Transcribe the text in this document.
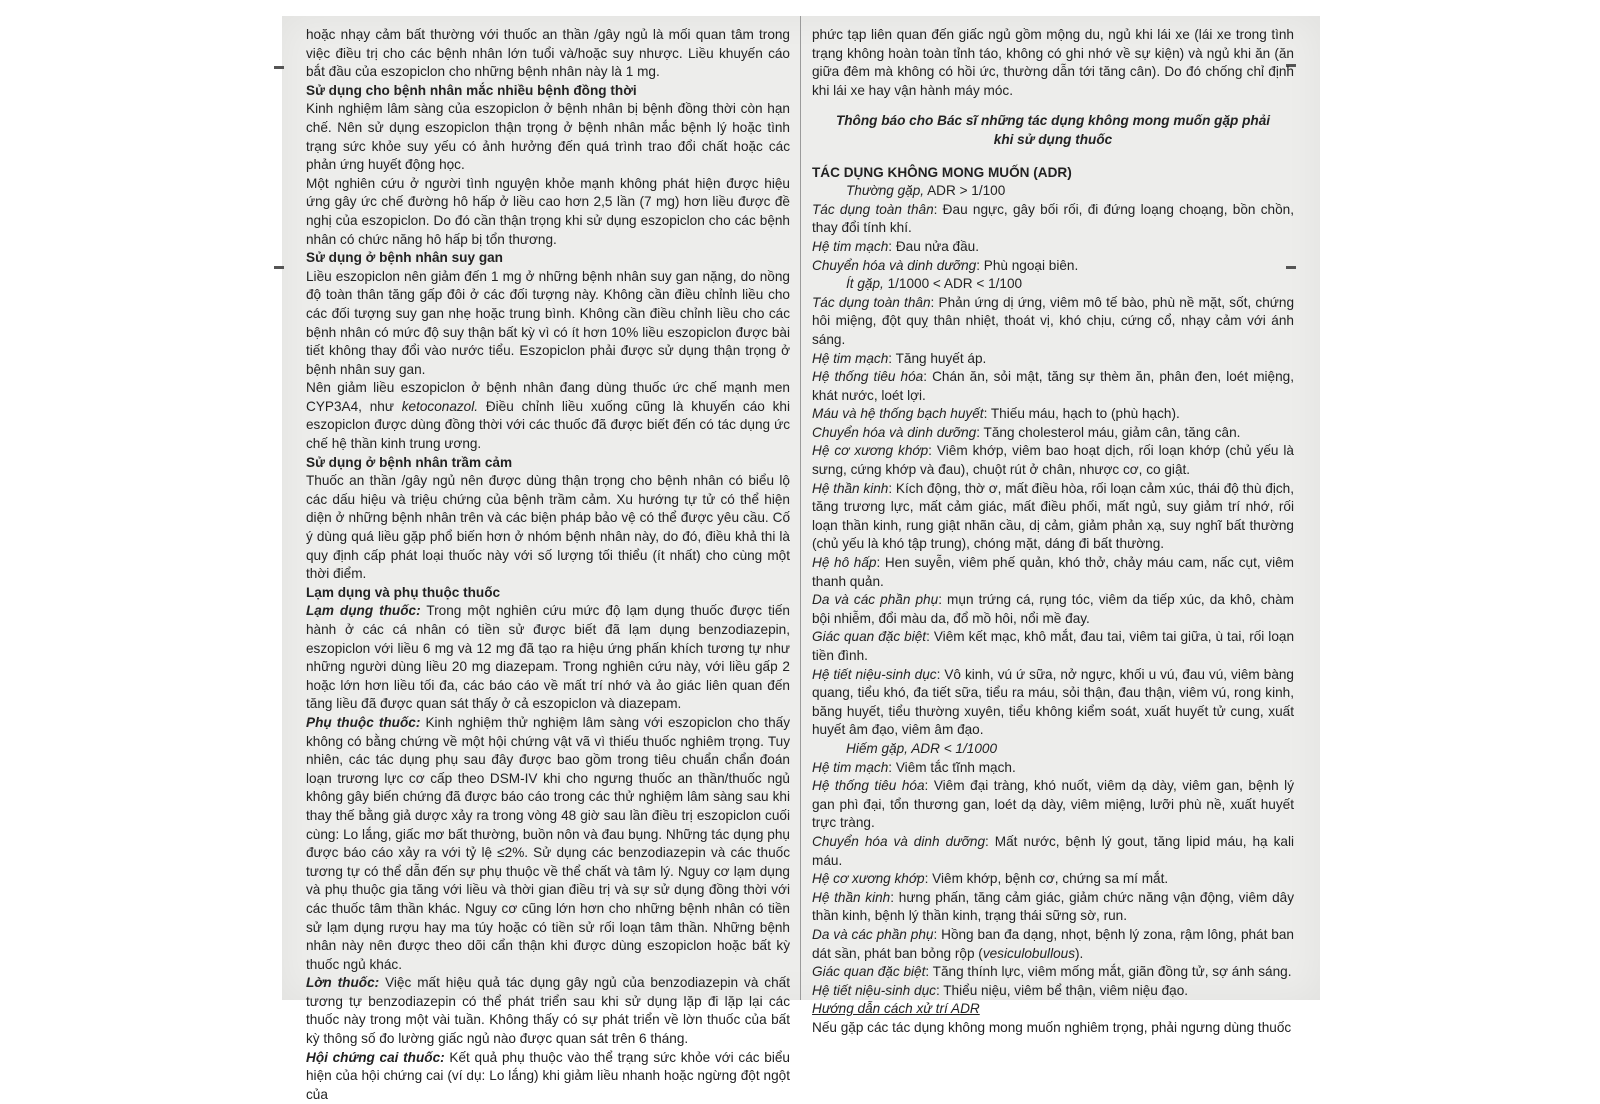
hoặc nhạy cảm bất thường với thuốc an thần /gây ngủ là mối quan tâm trong việc điều trị cho các bệnh nhân lớn tuổi và/hoặc suy nhược. Liều khuyến cáo bắt đầu của eszopiclon cho những bệnh nhân này là 1 mg.

Sử dụng cho bệnh nhân mắc nhiều bệnh đồng thời

Kinh nghiệm lâm sàng của eszopiclon ở bệnh nhân bị bệnh đồng thời còn hạn chế. Nên sử dụng eszopiclon thận trọng ở bệnh nhân mắc bệnh lý hoặc tình trạng sức khỏe suy yếu có ảnh hưởng đến quá trình trao đổi chất hoặc các phản ứng huyết động học.

Một nghiên cứu ở người tình nguyện khỏe mạnh không phát hiện được hiệu ứng gây ức chế đường hô hấp ở liều cao hơn 2,5 lần (7 mg) hơn liều được đề nghị của eszopiclon. Do đó cần thận trọng khi sử dụng eszopiclon cho các bệnh nhân có chức năng hô hấp bị tổn thương.

Sử dụng ở bệnh nhân suy gan

Liều eszopiclon nên giảm đến 1 mg ở những bệnh nhân suy gan nặng, do nồng độ toàn thân tăng gấp đôi ở các đối tượng này. Không cần điều chỉnh liều cho các đối tượng suy gan nhẹ hoặc trung bình. Không cần điều chỉnh liều cho các bệnh nhân có mức độ suy thận bất kỳ vì có ít hơn 10% liều eszopiclon được bài tiết không thay đổi vào nước tiểu. Eszopiclon phải được sử dụng thận trọng ở bệnh nhân suy gan.

Nên giảm liều eszopiclon ở bệnh nhân đang dùng thuốc ức chế mạnh men CYP3A4, như ketoconazol. Điều chỉnh liều xuống cũng là khuyến cáo khi eszopiclon được dùng đồng thời với các thuốc đã được biết đến có tác dụng ức chế hệ thần kinh trung ương.

Sử dụng ở bệnh nhân trầm cảm

Thuốc an thần /gây ngủ nên được dùng thận trọng cho bệnh nhân có biểu lộ các dấu hiệu và triệu chứng của bệnh trầm cảm. Xu hướng tự tử có thể hiện diện ở những bệnh nhân trên và các biện pháp bảo vệ có thể được yêu cầu. Cố ý dùng quá liều gặp phổ biến hơn ở nhóm bệnh nhân này, do đó, điều khả thi là quy định cấp phát loại thuốc này với số lượng tối thiểu (ít nhất) cho cùng một thời điểm.

Lạm dụng và phụ thuộc thuốc

Lạm dụng thuốc: Trong một nghiên cứu mức độ lạm dụng thuốc được tiến hành ở các cá nhân có tiền sử được biết đã lạm dụng benzodiazepin, eszopiclon với liều 6 mg và 12 mg đã tạo ra hiệu ứng phấn khích tương tự như những người dùng liều 20 mg diazepam. Trong nghiên cứu này, với liều gấp 2 hoặc lớn hơn liều tối đa, các báo cáo về mất trí nhớ và ảo giác liên quan đến tăng liều đã được quan sát thấy ở cả eszopiclon và diazepam.

Phụ thuộc thuốc: Kinh nghiệm thử nghiệm lâm sàng với eszopiclon cho thấy không có bằng chứng về một hội chứng vật vã vì thiếu thuốc nghiêm trọng. Tuy nhiên, các tác dụng phụ sau đây được bao gồm trong tiêu chuẩn chẩn đoán loạn trương lực cơ cấp theo DSM-IV khi cho ngưng thuốc an thần/thuốc ngủ không gây biến chứng đã được báo cáo trong các thử nghiệm lâm sàng sau khi thay thế bằng giả dược xảy ra trong vòng 48 giờ sau lần điều trị eszopiclon cuối cùng: Lo lắng, giấc mơ bất thường, buồn nôn và đau bụng. Những tác dụng phụ được báo cáo xảy ra với tỷ lệ ≤2%. Sử dụng các benzodiazepin và các thuốc tương tự có thể dẫn đến sự phụ thuộc về thể chất và tâm lý. Nguy cơ lạm dụng và phụ thuộc gia tăng với liều và thời gian điều trị và sự sử dụng đồng thời với các thuốc tâm thần khác. Nguy cơ cũng lớn hơn cho những bệnh nhân có tiền sử lạm dụng rượu hay ma túy hoặc có tiền sử rối loạn tâm thần. Những bệnh nhân này nên được theo dõi cẩn thận khi được dùng eszopiclon hoặc bất kỳ thuốc ngủ khác.

Lờn thuốc: Việc mất hiệu quả tác dụng gây ngủ của benzodiazepin và chất tương tự benzodiazepin có thể phát triển sau khi sử dụng lặp đi lặp lại các thuốc này trong một vài tuần. Không thấy có sự phát triển về lờn thuốc của bất kỳ thông số đo lường giấc ngủ nào được quan sát trên 6 tháng.

Hội chứng cai thuốc: Kết quả phụ thuộc vào thể trạng sức khỏe với các biểu hiện của hội chứng cai (ví dụ: Lo lắng) khi giảm liều nhanh hoặc ngừng đột ngột của

phức tạp liên quan đến giấc ngủ gồm mộng du, ngủ khi lái xe (lái xe trong tình trạng không hoàn toàn tỉnh táo, không có ghi nhớ về sự kiện) và ngủ khi ăn (ăn giữa đêm mà không có hồi ức, thường dẫn tới tăng cân). Do đó chống chỉ định khi lái xe hay vận hành máy móc.

Thông báo cho Bác sĩ những tác dụng không mong muốn gặp phải
khi sử dụng thuốc

TÁC DỤNG KHÔNG MONG MUỐN (ADR)

Thường gặp, ADR > 1/100

Tác dụng toàn thân: Đau ngực, gây bối rối, đi đứng loạng choạng, bồn chồn, thay đổi tính khí.

Hệ tim mạch: Đau nửa đầu.

Chuyển hóa và dinh dưỡng: Phù ngoại biên.

Ít gặp, 1/1000 < ADR < 1/100

Tác dụng toàn thân: Phản ứng dị ứng, viêm mô tế bào, phù nề mặt, sốt, chứng hôi miệng, đột quỵ thân nhiệt, thoát vị, khó chịu, cứng cổ, nhạy cảm với ánh sáng.

Hệ tim mạch: Tăng huyết áp.

Hệ thống tiêu hóa: Chán ăn, sỏi mật, tăng sự thèm ăn, phân đen, loét miệng, khát nước, loét lợi.

Máu và hệ thống bạch huyết: Thiếu máu, hạch to (phù hạch).

Chuyển hóa và dinh dưỡng: Tăng cholesterol máu, giảm cân, tăng cân.

Hệ cơ xương khớp: Viêm khớp, viêm bao hoạt dịch, rối loạn khớp (chủ yếu là sưng, cứng khớp và đau), chuột rút ở chân, nhược cơ, co giật.

Hệ thần kinh: Kích động, thờ ơ, mất điều hòa, rối loạn cảm xúc, thái độ thù địch, tăng trương lực, mất cảm giác, mất điều phối, mất ngủ, suy giảm trí nhớ, rối loạn thần kinh, rung giật nhãn cầu, dị cảm, giảm phản xạ, suy nghĩ bất thường (chủ yếu là khó tập trung), chóng mặt, dáng đi bất thường.

Hệ hô hấp: Hen suyễn, viêm phế quản, khó thở, chảy máu cam, nấc cụt, viêm thanh quản.

Da và các phần phụ: mụn trứng cá, rụng tóc, viêm da tiếp xúc, da khô, chàm bội nhiễm, đổi màu da, đổ mồ hôi, nổi mề đay.

Giác quan đặc biệt: Viêm kết mạc, khô mắt, đau tai, viêm tai giữa, ù tai, rối loạn tiền đình.

Hệ tiết niệu-sinh dục: Vô kinh, vú ứ sữa, nở ngực, khối u vú, đau vú, viêm bàng quang, tiểu khó, đa tiết sữa, tiểu ra máu, sỏi thận, đau thận, viêm vú, rong kinh, băng huyết, tiểu thường xuyên, tiểu không kiểm soát, xuất huyết tử cung, xuất huyết âm đạo, viêm âm đạo.

Hiếm gặp, ADR < 1/1000

Hệ tim mạch: Viêm tắc tĩnh mạch.

Hệ thống tiêu hóa: Viêm đại tràng, khó nuốt, viêm dạ dày, viêm gan, bệnh lý gan phì đại, tổn thương gan, loét dạ dày, viêm miệng, lưỡi phù nề, xuất huyết trực tràng.

Chuyển hóa và dinh dưỡng: Mất nước, bệnh lý gout, tăng lipid máu, hạ kali máu.

Hệ cơ xương khớp: Viêm khớp, bệnh cơ, chứng sa mí mắt.

Hệ thần kinh: hưng phấn, tăng cảm giác, giảm chức năng vận động, viêm dây thần kinh, bệnh lý thần kinh, trạng thái sững sờ, run.

Da và các phần phụ: Hồng ban đa dạng, nhọt, bệnh lý zona, rậm lông, phát ban dát sần, phát ban bỏng rộp (vesiculobullous).

Giác quan đặc biệt: Tăng thính lực, viêm mống mắt, giãn đồng tử, sợ ánh sáng.

Hệ tiết niệu-sinh dục: Thiểu niệu, viêm bể thận, viêm niệu đạo.

Hướng dẫn cách xử trí ADR

Nếu gặp các tác dụng không mong muốn nghiêm trọng, phải ngưng dùng thuốc
